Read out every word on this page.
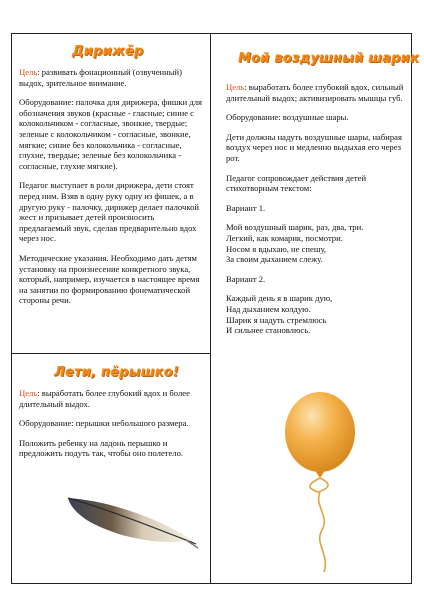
Дирижёр

Цель: развивать фонационный (озвученный) выдох, зрительное внимание.

Оборудование: палочка для дирижера, фишки для обозначения звуков (красные - гласные; синие с колокольчиком - согласные, звонкие, твердые; зеленые с колокольчиком - согласные, звонкие, мягкие; синие без колокольчика - согласные, глухие, твердые; зеленые без колокольчика - согласные, глухие мягкие).

Педагог выступает в роли дирижера, дети стоят перед ним. Взяв в одну руку одну из фишек, а в другую руку - палочку, дирижер делает палочкой жест и призывает детей произносить предлагаемый звук, сделав предварительно вдох через нос.

Методические указания. Необходимо дать детям установку на произнесение конкретного звука, который, например, изучается в настоящее время на занятии по формированию фонематической стороны речи.

Лети, пёрышко!

Цель: выработать более глубокий вдох и более длительный выдох.

Оборудование: перышки небольшого размера.

Положить ребенку на ладонь перышко и предложить подуть так, чтобы оно полетело.

Мой воздушный шарик

Цель: выработать более глубокий вдох, сильный длительный выдох; активизировать мышцы губ.

Оборудование: воздушные шары.

Дети должны надуть воздушные шары, набирая воздух через нос и медленно выдыхая его через рот.

Педагог сопровождает действия детей стихотворным текстом:

Вариант 1.

Мой воздушный шарик, раз, два, три.

Легкий, как комарик, посмотри.

Носом я вдыхаю, не спешу,

За своим дыханием слежу.

Вариант 2.

Каждый день я в шарик дую,

Над дыханием колдую.

Шарик я надуть стремлюсь

И сильнее становлюсь.
